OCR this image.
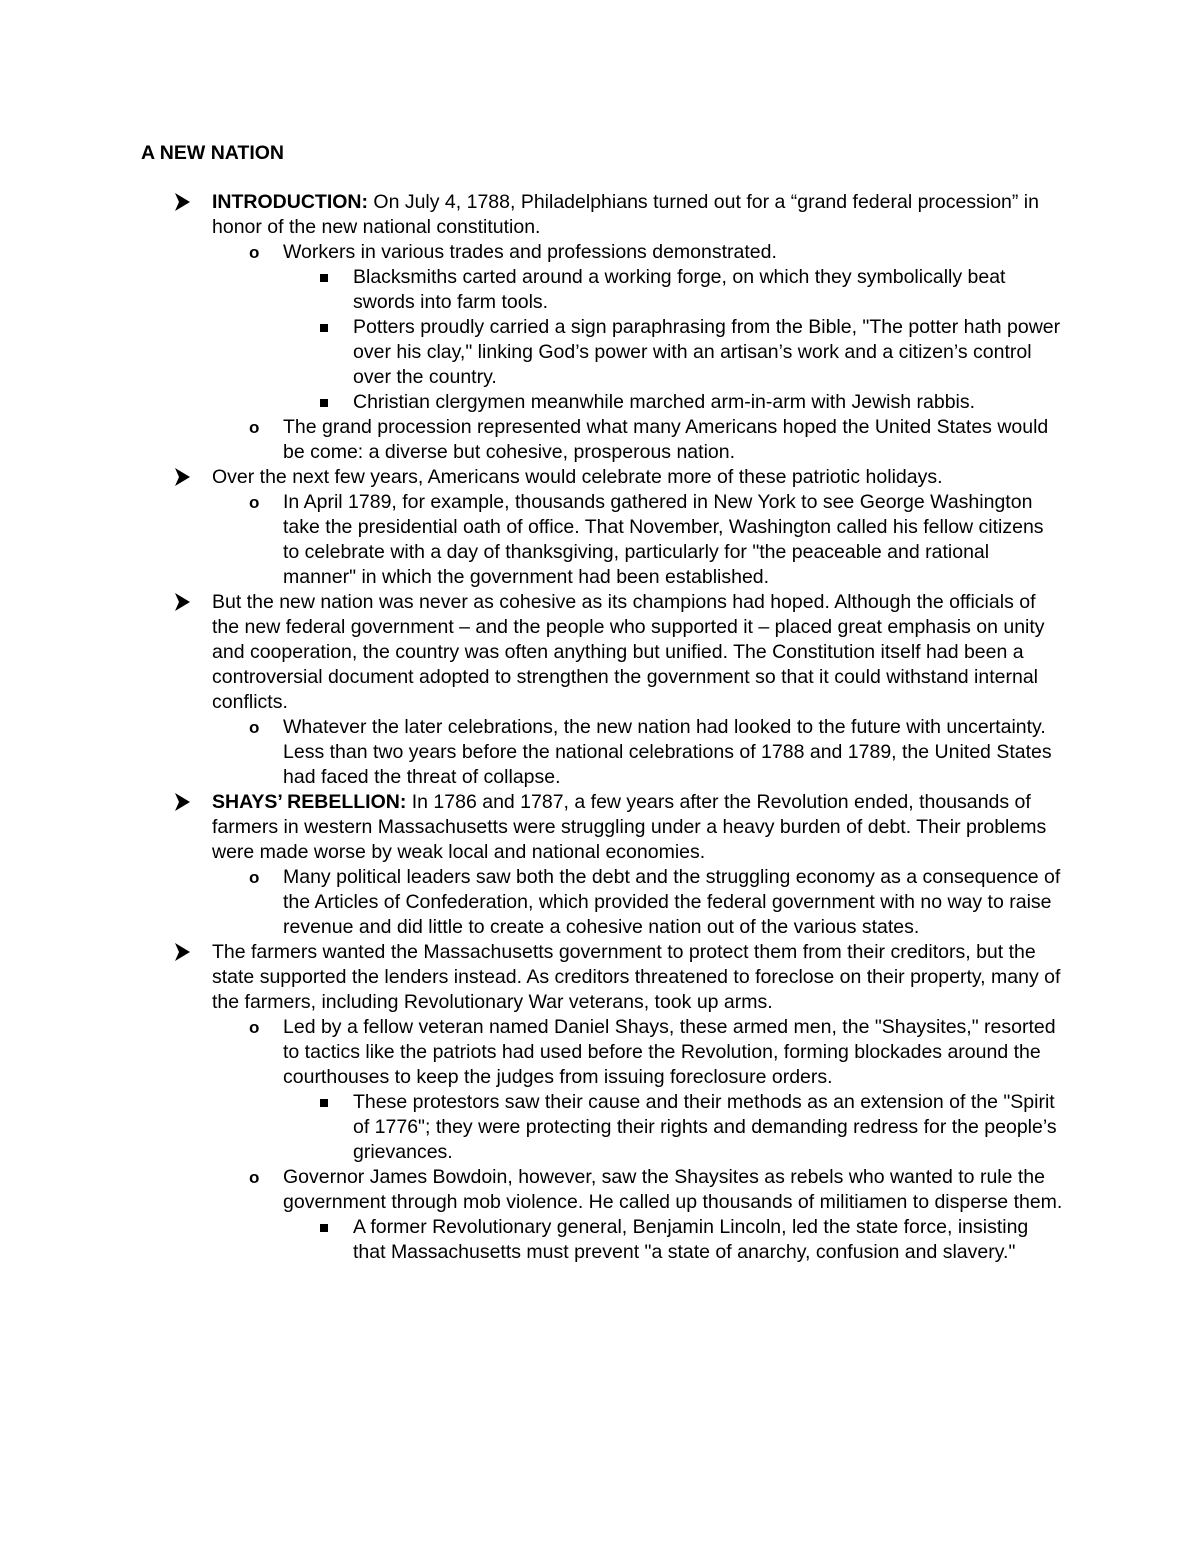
A NEW NATION
INTRODUCTION: On July 4, 1788, Philadelphians turned out for a “grand federal procession” in honor of the new national constitution.
o Workers in various trades and professions demonstrated.
Blacksmiths carted around a working forge, on which they symbolically beat swords into farm tools.
Potters proudly carried a sign paraphrasing from the Bible, "The potter hath power over his clay," linking God’s power with an artisan’s work and a citizen’s control over the country.
Christian clergymen meanwhile marched arm-in-arm with Jewish rabbis.
o The grand procession represented what many Americans hoped the United States would be come: a diverse but cohesive, prosperous nation.
Over the next few years, Americans would celebrate more of these patriotic holidays.
o In April 1789, for example, thousands gathered in New York to see George Washington take the presidential oath of office. That November, Washington called his fellow citizens to celebrate with a day of thanksgiving, particularly for "the peaceable and rational manner" in which the government had been established.
But the new nation was never as cohesive as its champions had hoped. Although the officials of the new federal government – and the people who supported it – placed great emphasis on unity and cooperation, the country was often anything but unified. The Constitution itself had been a controversial document adopted to strengthen the government so that it could withstand internal conflicts.
o Whatever the later celebrations, the new nation had looked to the future with uncertainty. Less than two years before the national celebrations of 1788 and 1789, the United States had faced the threat of collapse.
SHAYS’ REBELLION: In 1786 and 1787, a few years after the Revolution ended, thousands of farmers in western Massachusetts were struggling under a heavy burden of debt. Their problems were made worse by weak local and national economies.
o Many political leaders saw both the debt and the struggling economy as a consequence of the Articles of Confederation, which provided the federal government with no way to raise revenue and did little to create a cohesive nation out of the various states.
The farmers wanted the Massachusetts government to protect them from their creditors, but the state supported the lenders instead. As creditors threatened to foreclose on their property, many of the farmers, including Revolutionary War veterans, took up arms.
o Led by a fellow veteran named Daniel Shays, these armed men, the "Shaysites," resorted to tactics like the patriots had used before the Revolution, forming blockades around the courthouses to keep the judges from issuing foreclosure orders.
These protestors saw their cause and their methods as an extension of the "Spirit of 1776"; they were protecting their rights and demanding redress for the people’s grievances.
o Governor James Bowdoin, however, saw the Shaysites as rebels who wanted to rule the government through mob violence. He called up thousands of militiamen to disperse them.
A former Revolutionary general, Benjamin Lincoln, led the state force, insisting that Massachusetts must prevent "a state of anarchy, confusion and slavery."
